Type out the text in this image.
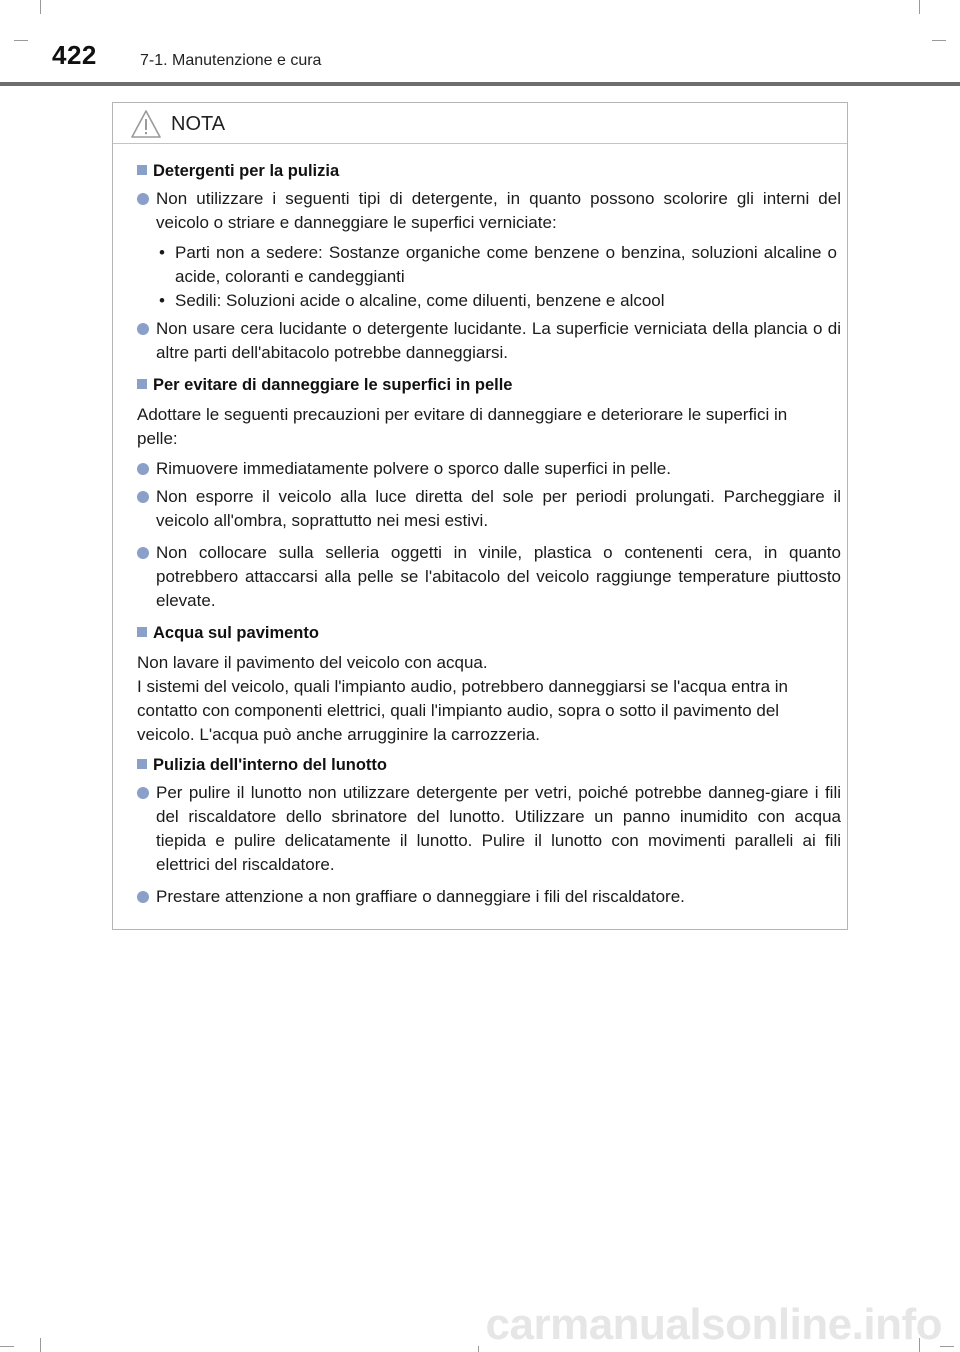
422	7-1. Manutenzione e cura
NOTA
Detergenti per la pulizia
Non utilizzare i seguenti tipi di detergente, in quanto possono scolorire gli interni del veicolo o striare e danneggiare le superfici verniciate:
• Parti non a sedere: Sostanze organiche come benzene o benzina, soluzioni alcaline o acide, coloranti e candeggianti
• Sedili: Soluzioni acide o alcaline, come diluenti, benzene e alcool
Non usare cera lucidante o detergente lucidante. La superficie verniciata della plancia o di altre parti dell'abitacolo potrebbe danneggiarsi.
Per evitare di danneggiare le superfici in pelle
Adottare le seguenti precauzioni per evitare di danneggiare e deteriorare le superfici in pelle:
Rimuovere immediatamente polvere o sporco dalle superfici in pelle.
Non esporre il veicolo alla luce diretta del sole per periodi prolungati. Parcheggiare il veicolo all'ombra, soprattutto nei mesi estivi.
Non collocare sulla selleria oggetti in vinile, plastica o contenenti cera, in quanto potrebbero attaccarsi alla pelle se l'abitacolo del veicolo raggiunge temperature piuttosto elevate.
Acqua sul pavimento
Non lavare il pavimento del veicolo con acqua.
I sistemi del veicolo, quali l'impianto audio, potrebbero danneggiarsi se l'acqua entra in contatto con componenti elettrici, quali l'impianto audio, sopra o sotto il pavimento del veicolo. L'acqua può anche arrugginire la carrozzeria.
Pulizia dell'interno del lunotto
Per pulire il lunotto non utilizzare detergente per vetri, poiché potrebbe danneg-giare i fili del riscaldatore dello sbrinatore del lunotto. Utilizzare un panno inumidito con acqua tiepida e pulire delicatamente il lunotto. Pulire il lunotto con movimenti paralleli ai fili elettrici del riscaldatore.
Prestare attenzione a non graffiare o danneggiare i fili del riscaldatore.
carmanualsonline.info
